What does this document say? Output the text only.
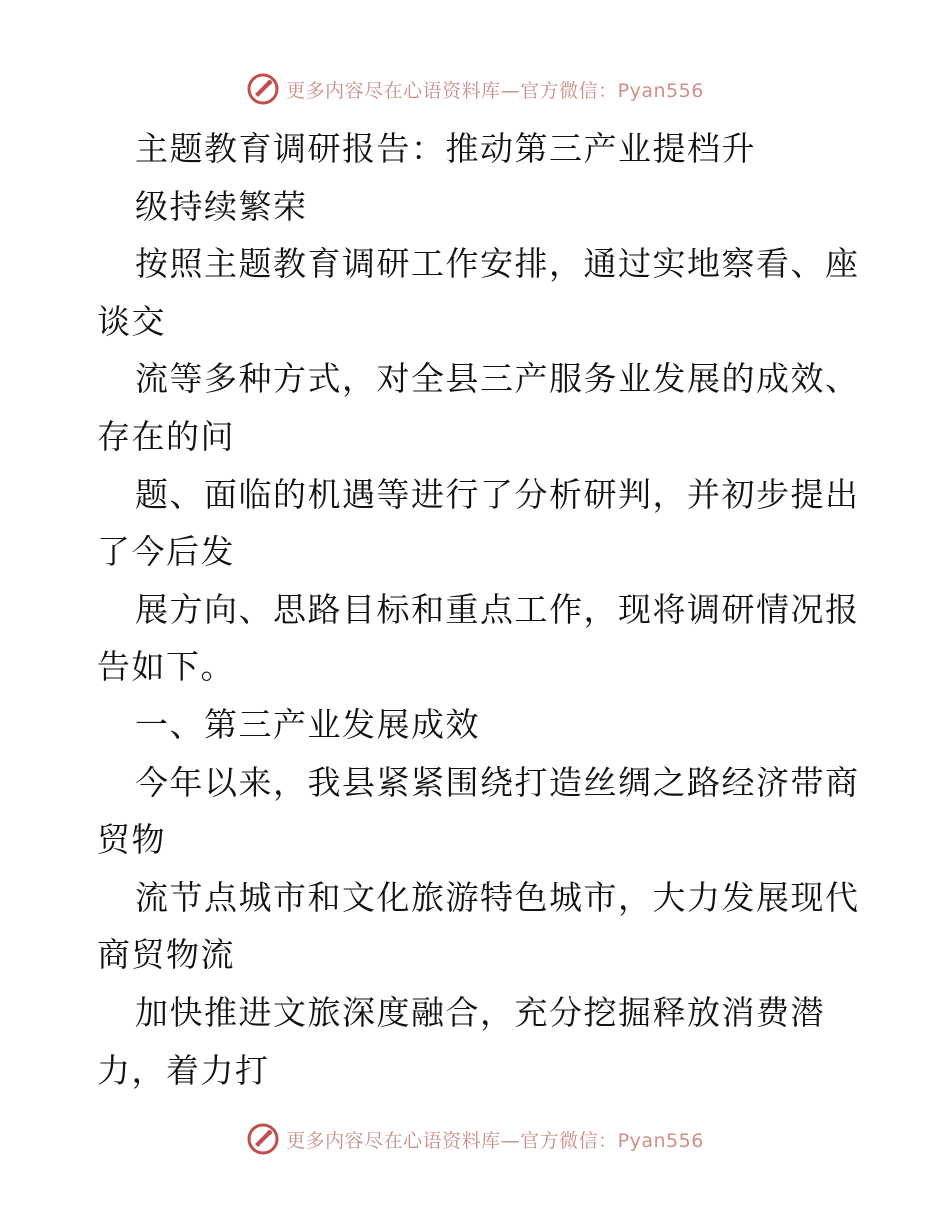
更多内容尽在心语资料库—官方微信：Pyan556
主题教育调研报告：推动第三产业提档升
级持续繁荣
按照主题教育调研工作安排，通过实地察看、座
谈交
流等多种方式，对全县三产服务业发展的成效、
存在的问
题、面临的机遇等进行了分析研判，并初步提出
了今后发
展方向、思路目标和重点工作，现将调研情况报
告如下。
一、第三产业发展成效
今年以来，我县紧紧围绕打造丝绸之路经济带商
贸物
流节点城市和文化旅游特色城市，大力发展现代
商贸物流
加快推进文旅深度融合，充分挖掘释放消费潜
力，着力打
更多内容尽在心语资料库—官方微信：Pyan556
